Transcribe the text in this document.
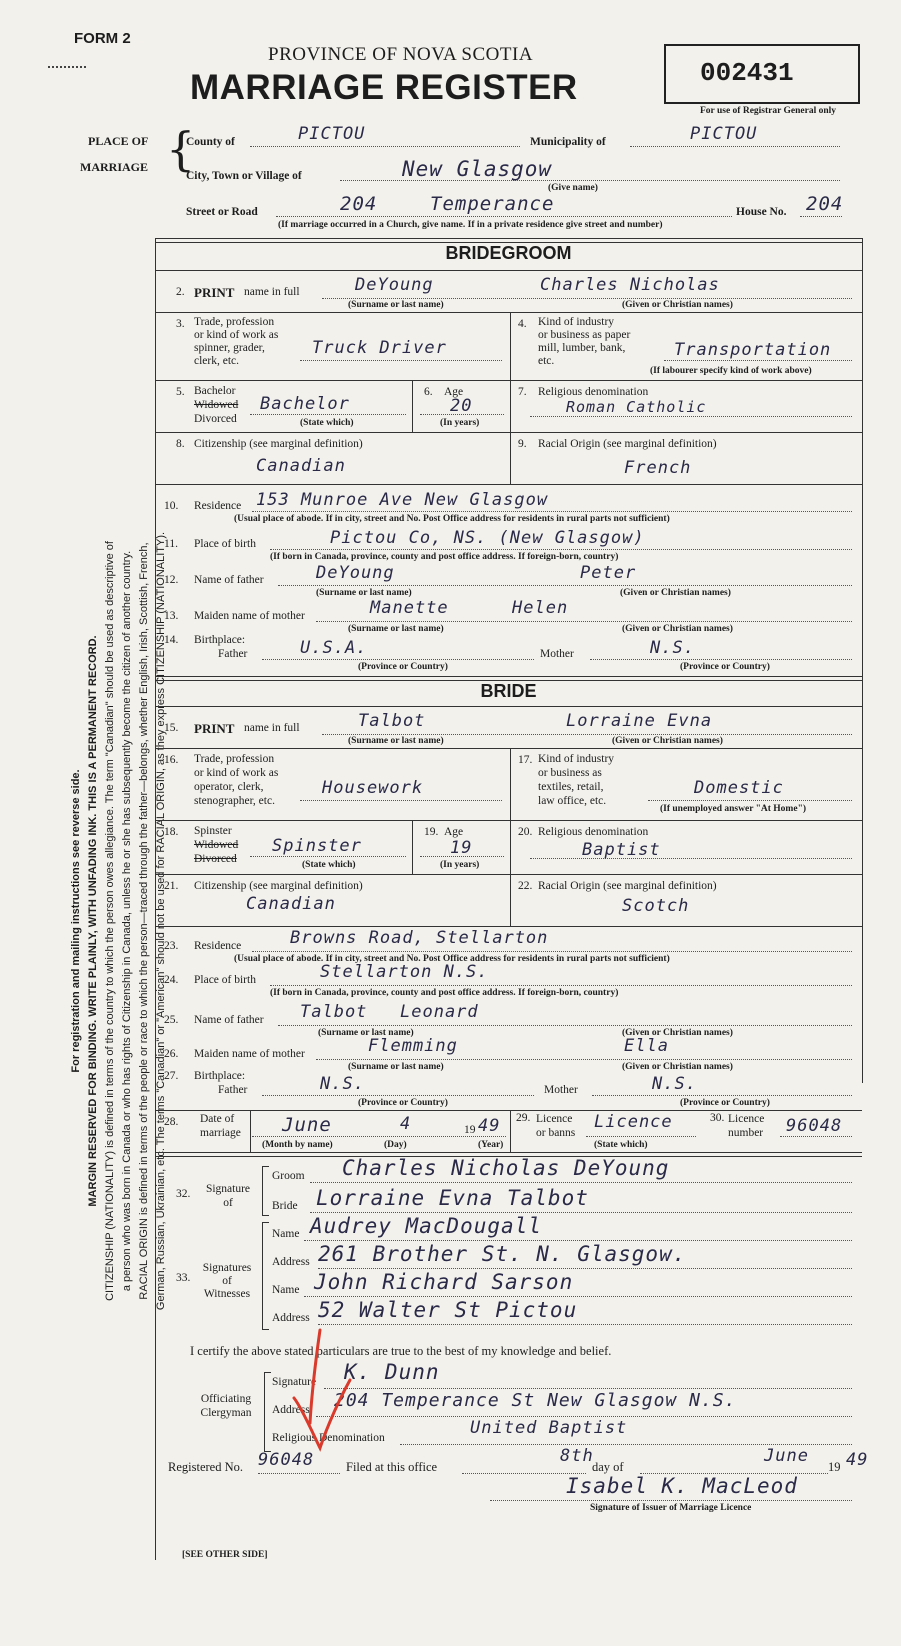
For registration and mailing instructions see reverse side. MARGIN RESERVED FOR BINDING. WRITE PLAINLY, WITH UNFADING INK. THIS IS A PERMANENT RECORD. CITIZENSHIP (NATIONALITY) is defined in terms of the country to which the person owes allegiance. The term "Canadian" should be used as descriptive of a person who was born in Canada or who has rights of Citizenship in Canada, unless he or she has subsequently become the citizen of another country. RACIAL ORIGIN is defined in terms of the people or race to which the person—traced through the father—belongs, whether English, Irish, Scottish, French, German, Russian, Ukrainian, etc. The terms "Canadian" or "American" should not be used for RACIAL ORIGIN, as they express CITIZENSHIP (NATIONALITY).
FORM 2
PROVINCE OF NOVA SCOTIA
MARRIAGE REGISTER	002431
For use of Registrar General only
PLACE OF
MARRIAGE {
County of	PICTOU	Municipality of	PICTOU
City, Town or Village of	New Glasgow
(Give name)
Street or Road	204	Temperance	House No. 204
(If marriage occurred in a Church, give name. If in a private residence give street and number)
BRIDEGROOM
2. PRINT name in full	DeYoung	Charles Nicholas
(Surname or last name)	(Given or Christian names)
3. Trade, profession
or kind of work as
spinner, grader,
clerk, etc.
Truck Driver
4. Kind of industry
or business as paper
mill, lumber, bank,
etc.
Transportation
(If labourer specify kind of work above)
5. Bachelor
Widowed
Divorced
Bachelor
(State which)
6. Age
20
(In years)
7. Religious denomination
Roman Catholic
8. Citizenship (see marginal definition)
Canadian
9. Racial Origin (see marginal definition)
French
10. Residence 153 Munroe Ave New Glasgow
(Usual place of abode. If in city, street and No. Post Office address for residents in rural parts not sufficient)
11. Place of birth	Pictou Co, NS. (New Glasgow)
(If born in Canada, province, county and post office address. If foreign-born, country)
12. Name of father	DeYoung	Peter
(Surname or last name)	(Given or Christian names)
13. Maiden name of mother	Manette	Helen
(Surname or last name)	(Given or Christian names)
14. Birthplace:
Father	U.S.A.	Mother	N.S.
(Province or Country)	(Province or Country)
BRIDE
15. PRINT name in full	Talbot	Lorraine Evna
(Surname or last name)	(Given or Christian names)
16. Trade, profession
or kind of work as
operator, clerk,
stenographer, etc.
Housework
17. Kind of industry
or business as
textiles, retail,
law office, etc.
Domestic
(If unemployed answer "At Home")
18. Spinster
Widowed
Divorced
Spinster
(State which)
19. Age
19
(In years)
20. Religious denomination
Baptist
21. Citizenship (see marginal definition)
Canadian
22. Racial Origin (see marginal definition)
Scotch
23. Residence	Browns Road, Stellarton
(Usual place of abode. If in city, street and No. Post Office address for residents in rural parts not sufficient)
24. Place of birth	Stellarton N.S.
(If born in Canada, province, county and post office address. If foreign-born, country)
25. Name of father Talbot Leonard
(Surname or last name)	(Given or Christian names)
26. Maiden name of mother	Flemming	Ella
(Surname or last name)	(Given or Christian names)
27. Birthplace:
Father	N.S.	Mother	N.S.
(Province or Country)	(Province or Country)
28. Date of
marriage June	4	19 49
(Month by name)	(Day)	(Year)
29. Licence
or banns
Licence
(State which)
30. Licence
number 96048
32.	Signature
of
Groom Charles Nicholas DeYoung
Bride Lorraine Evna Talbot
33.
Signatures
of
Witnesses
Name Audrey MacDougall
Address 261 Brother St. N. Glasgow.
Name John Richard Sarson
Address 52 Walter St Pictou
I certify the above stated particulars are true to the best of my knowledge and belief.
Officiating
Clergyman
Signature K. Dunn
Address 204 Temperance St New Glasgow N.S.
Religious Denomination	United Baptist
Registered No. 96048	Filed at this office
8th
day of
June
19 49
Isabel K. MacLeod
Signature of Issuer of Marriage Licence
[SEE OTHER SIDE]
